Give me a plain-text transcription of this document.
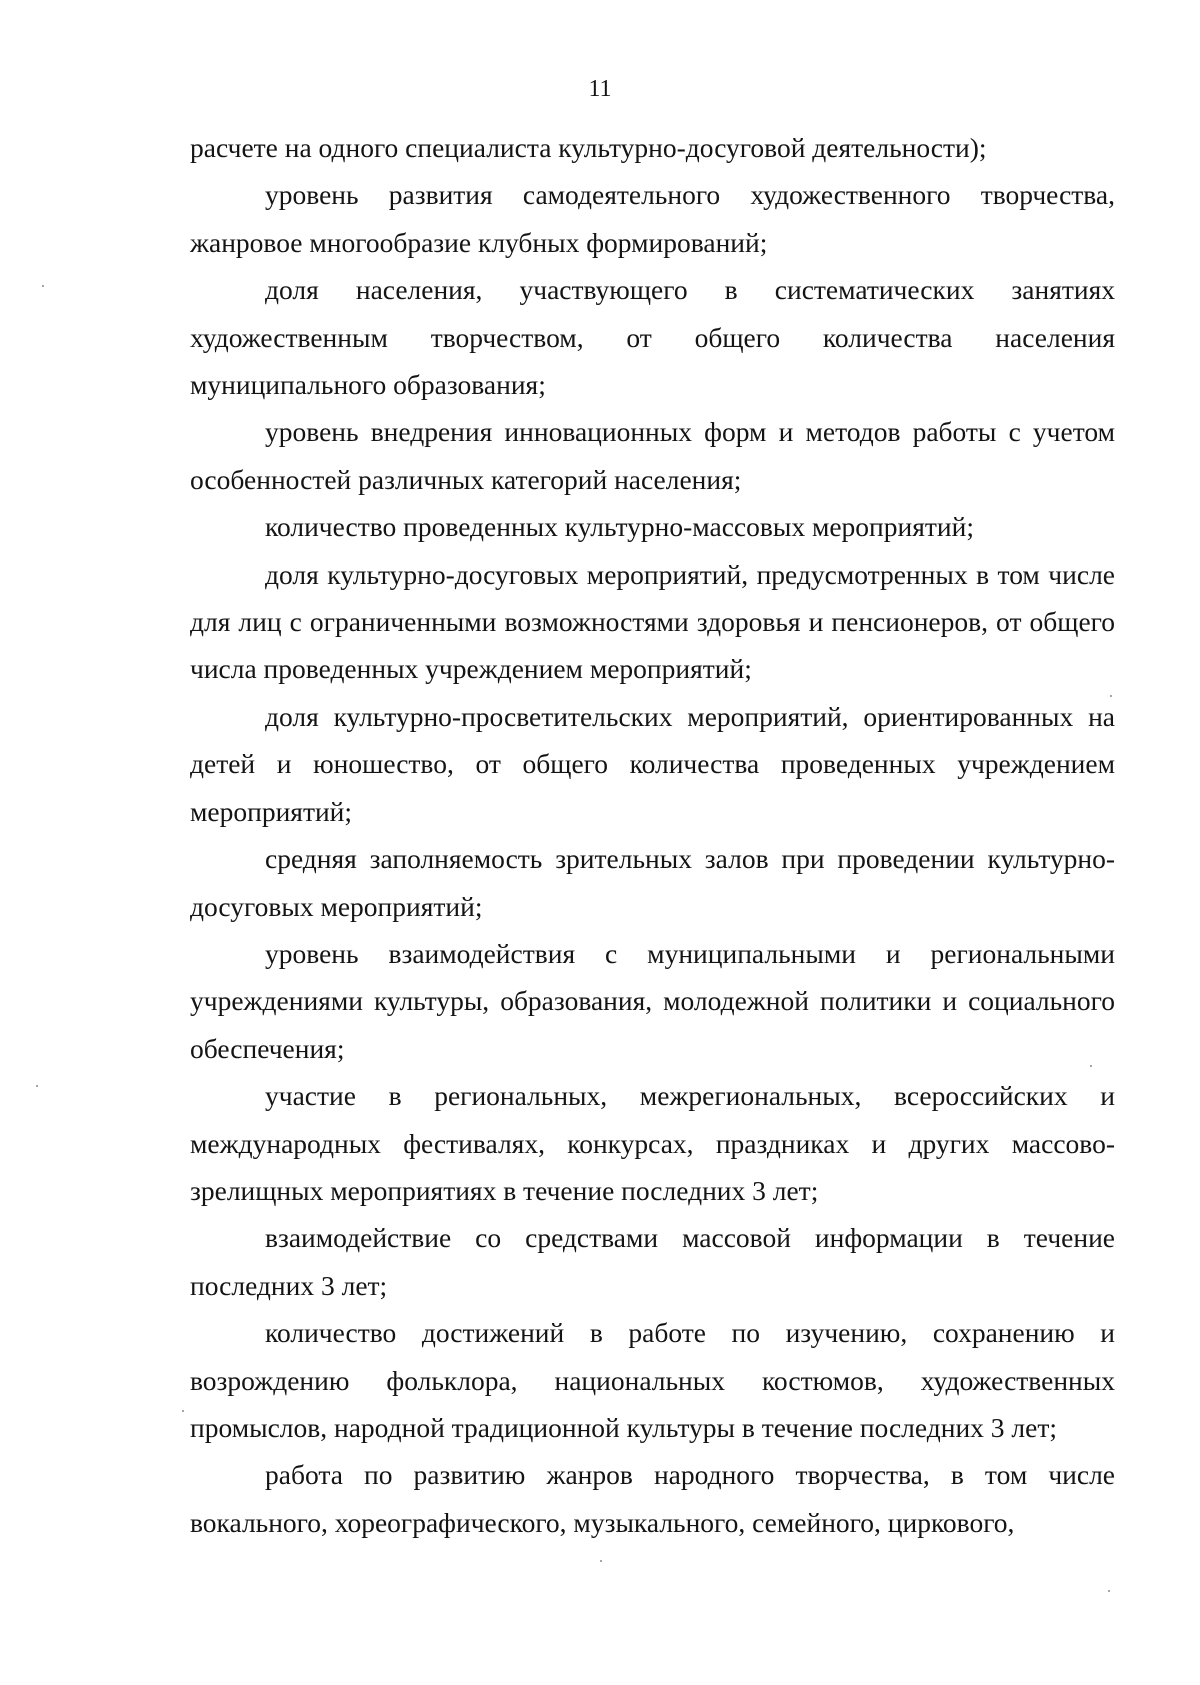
11

расчете на одного специалиста культурно-досуговой деятельности);

уровень развития самодеятельного художественного творчества, жанровое многообразие клубных формирований;

доля населения, участвующего в систематических занятиях художественным творчеством, от общего количества населения муниципального образования;

уровень внедрения инновационных форм и методов работы с учетом особенностей различных категорий населения;

количество проведенных культурно-массовых мероприятий;

доля культурно-досуговых мероприятий, предусмотренных в том числе для лиц с ограниченными возможностями здоровья и пенсионеров, от общего числа проведенных учреждением мероприятий;

доля культурно-просветительских мероприятий, ориентированных на детей и юношество, от общего количества проведенных учреждением мероприятий;

средняя заполняемость зрительных залов при проведении культурно-досуговых мероприятий;

уровень взаимодействия с муниципальными и региональными учреждениями культуры, образования, молодежной политики и социального обеспечения;

участие в региональных, межрегиональных, всероссийских и международных фестивалях, конкурсах, праздниках и других массово-зрелищных мероприятиях в течение последних 3 лет;

взаимодействие со средствами массовой информации в течение последних 3 лет;

количество достижений в работе по изучению, сохранению и возрождению фольклора, национальных костюмов, художественных промыслов, народной традиционной культуры в течение последних 3 лет;

работа по развитию жанров народного творчества, в том числе вокального, хореографического, музыкального, семейного, циркового,
